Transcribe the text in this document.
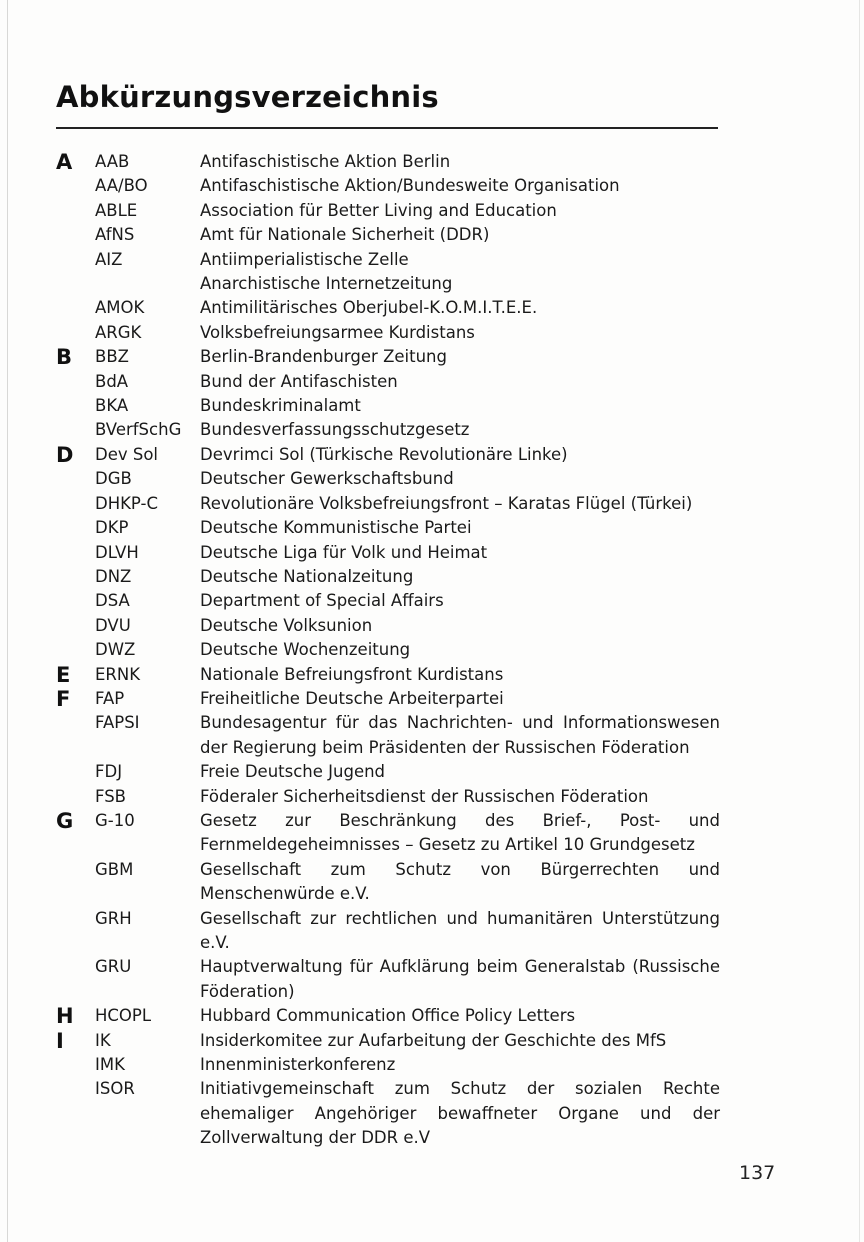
Abkürzungsverzeichnis
A	AAB	Antifaschistische Aktion Berlin
AA/BO	Antifaschistische Aktion/Bundesweite Organisation
ABLE	Association für Better Living and Education
AfNS	Amt für Nationale Sicherheit (DDR)
AIZ	Antiimperialistische Zelle
Anarchistische Internetzeitung
AMOK	Antimilitärisches Oberjubel-K.O.M.I.T.E.E.
ARGK	Volksbefreiungsarmee Kurdistans
B	BBZ	Berlin-Brandenburger Zeitung
BdA	Bund der Antifaschisten
BKA	Bundeskriminalamt
BVerfSchG	Bundesverfassungsschutzgesetz
D	Dev Sol	Devrimci Sol (Türkische Revolutionäre Linke)
DGB	Deutscher Gewerkschaftsbund
DHKP-C	Revolutionäre Volksbefreiungsfront – Karatas Flügel (Türkei)
DKP	Deutsche Kommunistische Partei
DLVH	Deutsche Liga für Volk und Heimat
DNZ	Deutsche Nationalzeitung
DSA	Department of Special Affairs
DVU	Deutsche Volksunion
DWZ	Deutsche Wochenzeitung
E	ERNK	Nationale Befreiungsfront Kurdistans
F	FAP	Freiheitliche Deutsche Arbeiterpartei
FAPSI	Bundesagentur für das Nachrichten- und Informationswesen der Regierung beim Präsidenten der Russischen Föderation
FDJ	Freie Deutsche Jugend
FSB	Föderaler Sicherheitsdienst der Russischen Föderation
G	G-10	Gesetz zur Beschränkung des Brief-, Post- und Fernmeldegeheimnisses – Gesetz zu Artikel 10 Grundgesetz
GBM	Gesellschaft zum Schutz von Bürgerrechten und Menschenwürde e.V.
GRH	Gesellschaft zur rechtlichen und humanitären Unterstützung e.V.
GRU	Hauptverwaltung für Aufklärung beim Generalstab (Russische Föderation)
H	HCOPL	Hubbard Communication Office Policy Letters
I	IK	Insiderkomitee zur Aufarbeitung der Geschichte des MfS
IMK	Innenministerkonferenz
ISOR	Initiativgemeinschaft zum Schutz der sozialen Rechte ehemaliger Angehöriger bewaffneter Organe und der Zollverwaltung der DDR e.V
137
